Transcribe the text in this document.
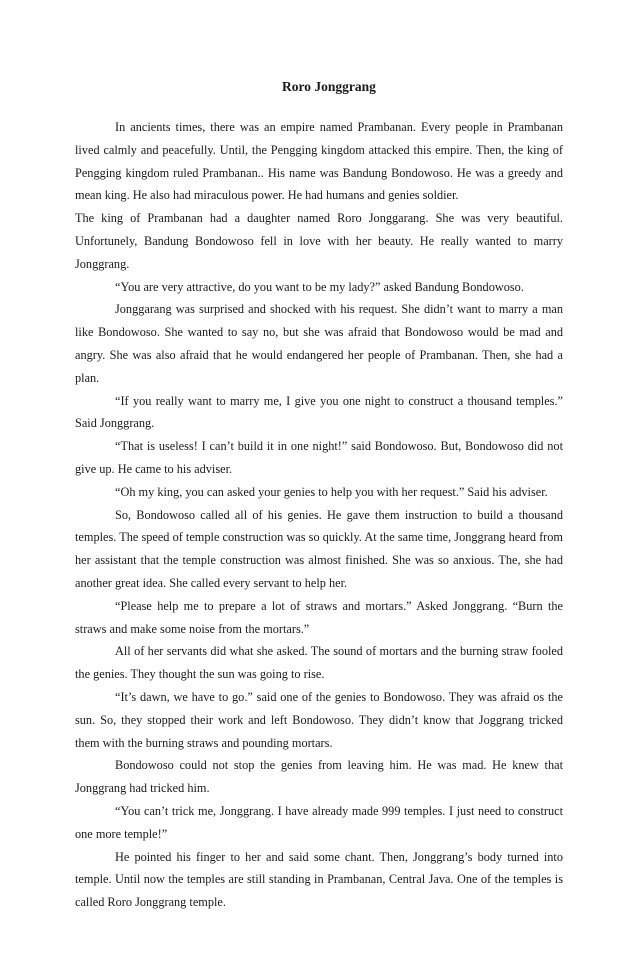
Roro Jonggrang

In ancients times, there was an empire named Prambanan. Every people in Prambanan lived calmly and peacefully. Until, the Pengging kingdom attacked this empire. Then, the king of Pengging kingdom ruled Prambanan.. His name was Bandung Bondowoso. He was a greedy and mean king. He also had miraculous power. He had humans and genies soldier.

The king of Prambanan had a daughter named Roro Jonggarang. She was very beautiful. Unfortunely, Bandung Bondowoso fell in love with her beauty. He really wanted to marry Jonggrang.

“You are very attractive, do you want to be my lady?” asked Bandung Bondowoso.

Jonggarang was surprised and shocked with his request. She didn’t want to marry a man like Bondowoso. She wanted to say no, but she was afraid that Bondowoso would be mad and angry. She was also afraid that he would endangered her people of Prambanan. Then, she had a plan.

“If you really want to marry me, I give you one night to construct a thousand temples.” Said Jonggrang.

“That is useless! I can’t build it in one night!” said Bondowoso. But, Bondowoso did not give up. He came to his adviser.

“Oh my king, you can asked your genies to help you with her request.” Said his adviser.

So, Bondowoso called all of his genies. He gave them instruction to build a thousand temples. The speed of temple construction was so quickly. At the same time, Jonggrang heard from her assistant that the temple construction was almost finished. She was so anxious. The, she had another great idea. She called every servant to help her.

“Please help me to prepare a lot of straws and mortars.” Asked Jonggrang. “Burn the straws and make some noise from the mortars.”

All of her servants did what she asked. The sound of mortars and the burning straw fooled the genies. They thought the sun was going to rise.

“It’s dawn, we have to go.” said one of the genies to Bondowoso. They was afraid os the sun. So, they stopped their work and left Bondowoso. They didn’t know that Joggrang tricked them with the burning straws and pounding mortars.

Bondowoso could not stop the genies from leaving him. He was mad. He knew that Jonggrang had tricked him.

“You can’t trick me, Jonggrang. I have already made 999 temples. I just need to construct one more temple!”

He pointed his finger to her and said some chant. Then, Jonggrang’s body turned into temple. Until now the temples are still standing in Prambanan, Central Java. One of the temples is called Roro Jonggrang temple.
